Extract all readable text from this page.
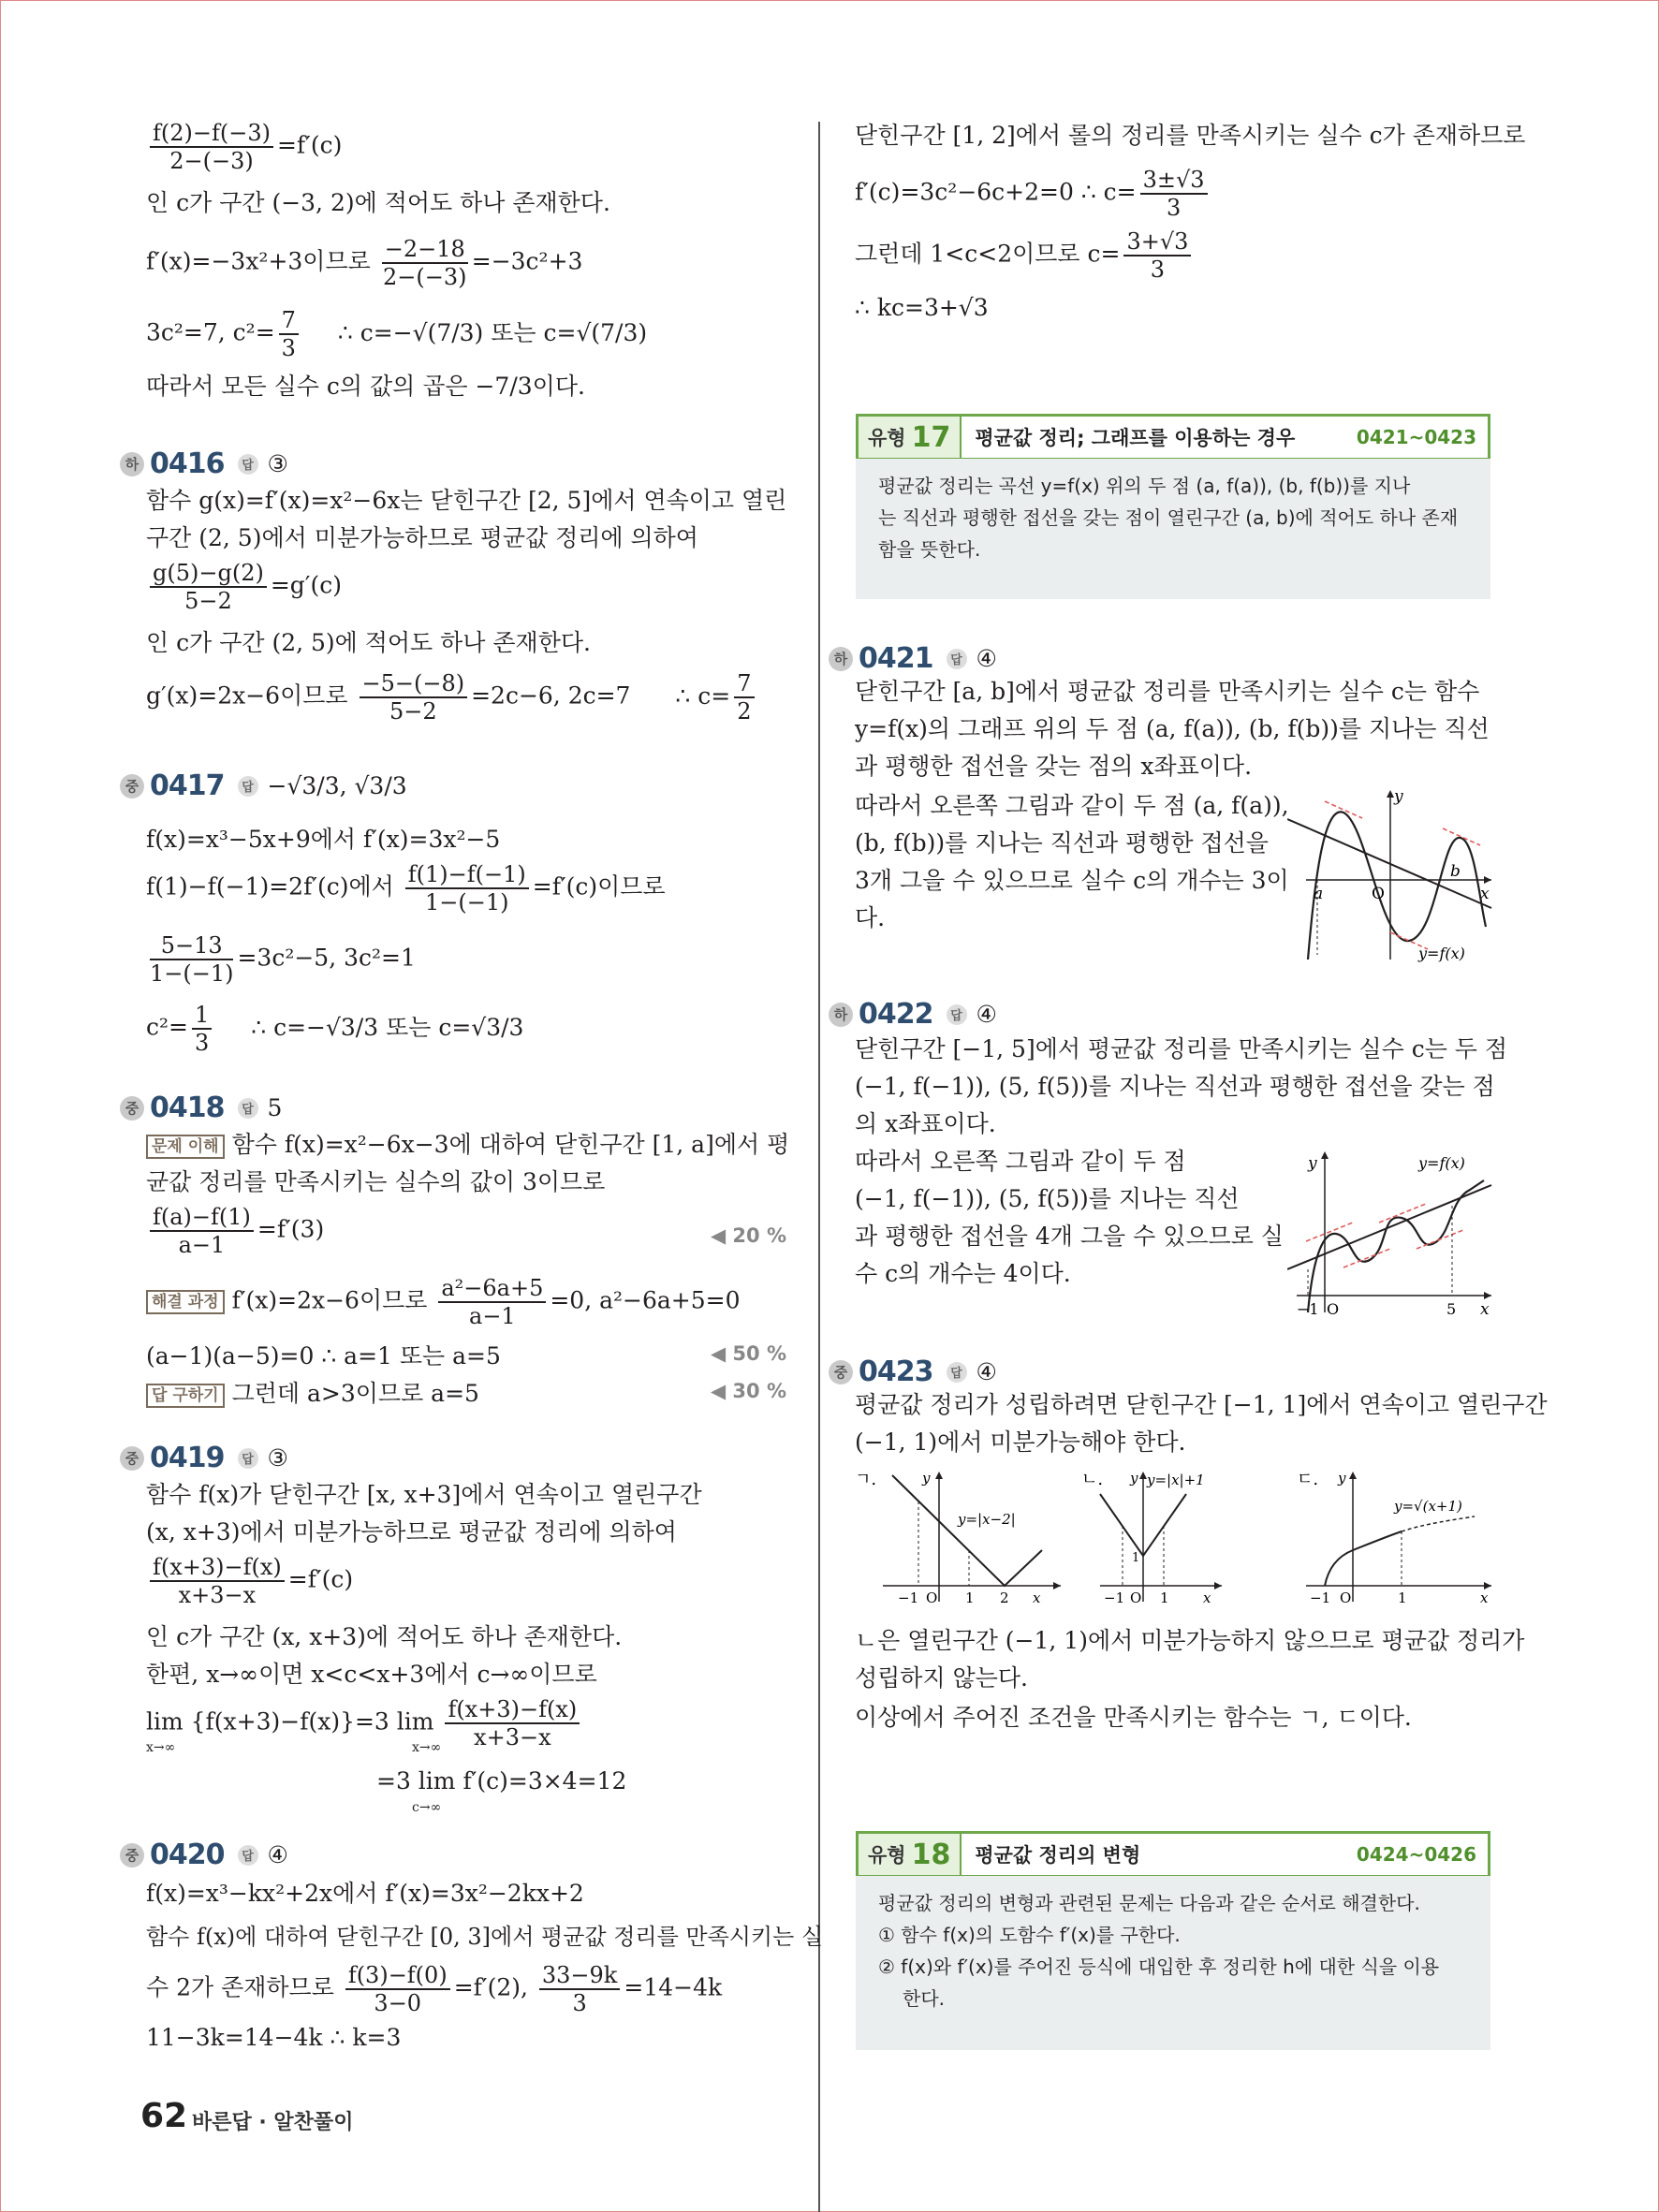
$\frac{f(2)-f(-3)}{2-(-3)} =f'(c)$
인 c가 구간 (−3, 2)에 적어도 하나 존재한다.
f′(x)=−3x²+3이므로 $\frac{-2-18}{2-(-3)} =-3c^2+3$
3c²=7, $c^2= \frac{7}{3}$ ∴ c=−√(7/3) 또는 c=√(7/3)
따라서 모든 실수 c의 값의 곱은 −7/3이다.
하 0416	답 ③
함수 g(x)=f′(x)=x²−6x는 닫힌구간 [2, 5]에서 연속이고 열린
구간 (2, 5)에서 미분가능하므로 평균값 정리에 의하여
$\frac{g(5)-g(2)}{5-2} =g'(c)$
인 c가 구간 (2, 5)에 적어도 하나 존재한다.
g′(x)=2x−6이므로 $\frac{-5-(-8)}{5-2} =2c-6$, 2c=7 ∴ $c= \frac{7}{2}$
중 0417	답 −√3/3, √3/3
f(x)=x³−5x+9에서 f′(x)=3x²−5
f(1)−f(−1)=2f′(c)에서 $\frac{f(1)-f(-1)}{1-(-1)} =f'(c)$이므로
$\frac{5-13}{1-(-1)} =3c^2-5$, 3c²=1
$c^2= \frac{1}{3}$ ∴ c=−√3/3 또는 c=√3/3
중 0418	답 5
문제 이해 함수 f(x)=x²−6x−3에 대하여 닫힌구간 [1, a]에서 평
균값 정리를 만족시키는 실수의 값이 3이므로
$\frac{f(a)-f(1)}{a-1} =f'(3)$	◀ 20 %
해결 과정 f′(x)=2x−6이므로 $\frac{\text{a²−6a+5}}{a-1} =0$, a²−6a+5=0
(a−1)(a−5)=0 ∴ a=1 또는 a=5	◀ 50 %
답 구하기 그런데 a>3이므로 a=5	◀ 30 %
중 0419	답 ③
함수 f(x)가 닫힌구간 [x, x+3]에서 연속이고 열린구간
(x, x+3)에서 미분가능하므로 평균값 정리에 의하여
$\frac{f(x+3)-f(x)}{x+3-x} =f'(c)$
인 c가 구간 (x, x+3)에 적어도 하나 존재한다.
한편, x→∞이면 x<c<x+3에서 c→∞이므로
lim {f(x+3)−f(x)}=3 $\lim \frac{f(x+3)-f(x)}{x+3-x}$
x→∞	x→∞
=3 lim f′(c)=3×4=12
c→∞
중 0420	답 ④
f(x)=x³−kx²+2x에서 f′(x)=3x²−2kx+2
함수 f(x)에 대하여 닫힌구간 [0, 3]에서 평균값 정리를 만족시키는 실
수 2가 존재하므로 $\frac{f(3)-f(0)}{3-0} =f'(2)$, $\frac{33-9k}{3} =14-4k$
11−3k=14−4k ∴ k=3
닫힌구간 [1, 2]에서 롤의 정리를 만족시키는 실수 c가 존재하므로
f′(c)=3c²−6c+2=0 ∴ $c= \frac{3\pm√3}{3}$
그런데 1<c<2이므로 $c= \frac{3+√3}{3}$
∴ kc=3+√3
유형 17	평균값 정리; 그래프를 이용하는 경우	0421~0423
평균값 정리는 곡선 y=f(x) 위의 두 점 (a, f(a)), (b, f(b))를 지나
는 직선과 평행한 접선을 갖는 점이 열린구간 (a, b)에 적어도 하나 존재
함을 뜻한다.
하 0421	답 ④
닫힌구간 [a, b]에서 평균값 정리를 만족시키는 실수 c는 함수
y=f(x)의 그래프 위의 두 점 (a, f(a)), (b, f(b))를 지나는 직선
과 평행한 접선을 갖는 점의 x좌표이다.
따라서 오른쪽 그림과 같이 두 점 (a, f(a)),
(b, f(b))를 지나는 직선과 평행한 접선을
3개 그을 수 있으므로 실수 c의 개수는 3이
다.
y
x
a	O
b
y=f(x)
하 0422	답 ④
닫힌구간 [−1, 5]에서 평균값 정리를 만족시키는 실수 c는 두 점
(−1, f(−1)), (5, f(5))를 지나는 직선과 평행한 접선을 갖는 점
의 x좌표이다.
따라서 오른쪽 그림과 같이 두 점
(−1, f(−1)), (5, f(5))를 지나는 직선
과 평행한 접선을 4개 그을 수 있으므로 실
수 c의 개수는 4이다.
y
x
y=f(x)
−1 O	5
중 0423	답 ④
평균값 정리가 성립하려면 닫힌구간 [−1, 1]에서 연속이고 열린구간
(−1, 1)에서 미분가능해야 한다.
ㄱ.	y
y=|x−2|
−1 O 1 2 x
ㄴ. y y=|x|+1
1
−1 O 1 x
ㄷ. y
y=√(x+1)
−1 O	1	x
ㄴ은 열린구간 (−1, 1)에서 미분가능하지 않으므로 평균값 정리가
성립하지 않는다.
이상에서 주어진 조건을 만족시키는 함수는 ㄱ, ㄷ이다.
유형 18	평균값 정리의 변형	0424~0426
평균값 정리의 변형과 관련된 문제는 다음과 같은 순서로 해결한다.
① 함수 f(x)의 도함수 f′(x)를 구한다.
② f(x)와 f′(x)를 주어진 등식에 대입한 후 정리한 h에 대한 식을 이용
한다.
62 바른답 · 알찬풀이
